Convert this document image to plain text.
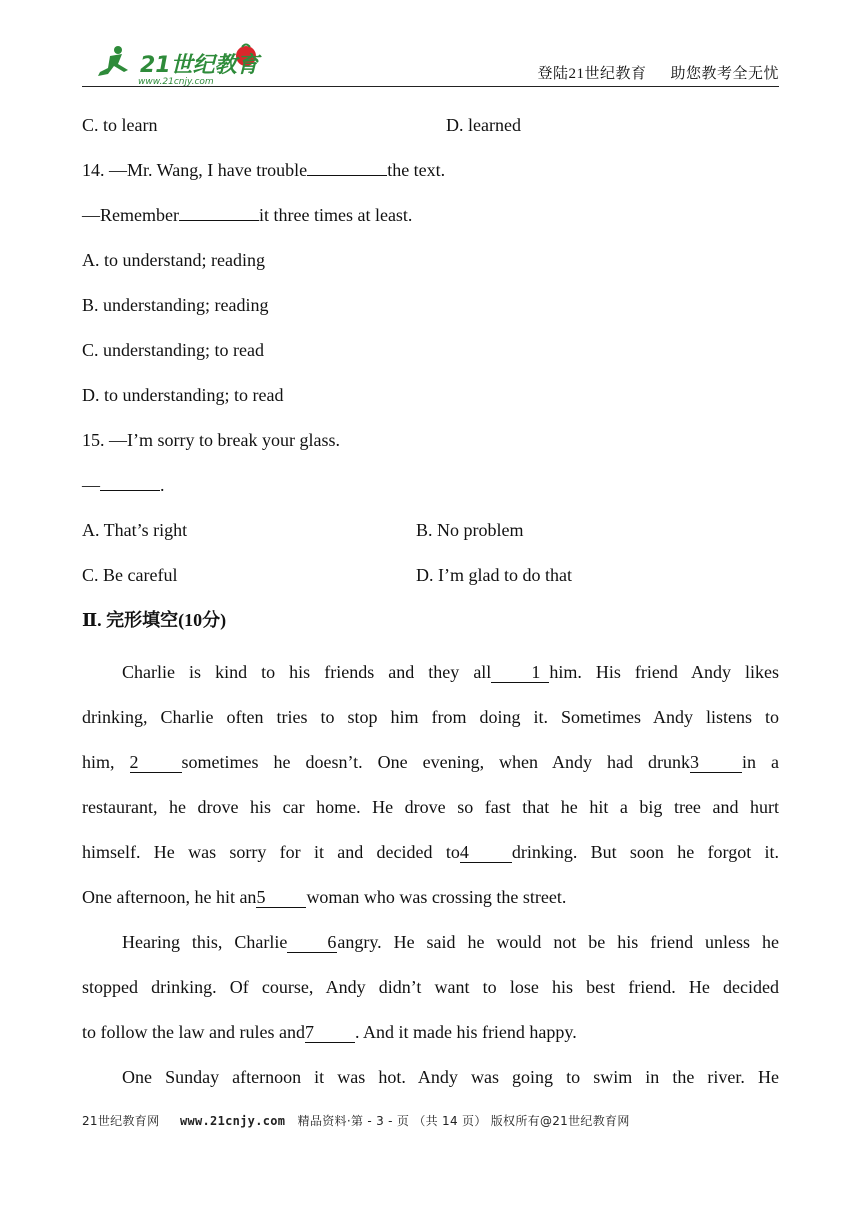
21世纪教育
www.21cnjy.com	登陆21世纪教育 助您教考全无忧
C. to learn	D. learned
14. —Mr. Wang, I have trouble	the text.
—Remember	it three times at least.
A. to understand; reading
B. understanding; reading
C. understanding; to read
D. to understanding; to read
15. —I’m sorry to break your glass.
—	.
A. That’s right	B. No problem
C. Be careful	D. I’m glad to do that
Ⅱ. 完形填空(10分)
Charlie is kind to his friends and they all 1 him. His friend Andy likes
drinking, Charlie often tries to stop him from doing it. Sometimes Andy listens to
him, 2 sometimes he doesn’t. One evening, when Andy had drunk3 in a
restaurant, he drove his car home. He drove so fast that he hit a big tree and hurt
himself. He was sorry for it and decided to4 drinking. But soon he forgot it.
One afternoon, he hit an5 woman who was crossing the street.
Hearing this, Charlie 6angry. He said he would not be his friend unless he
stopped drinking. Of course, Andy didn’t want to lose his best friend. He decided
to follow the law and rules and7 . And it made his friend happy.
One Sunday afternoon it was hot. Andy was going to swim in the river. He
21世纪教育网 www.21cnjy.com 精品资料·第 - 3 - 页 （共 14 页） 版权所有@21世纪教育网
